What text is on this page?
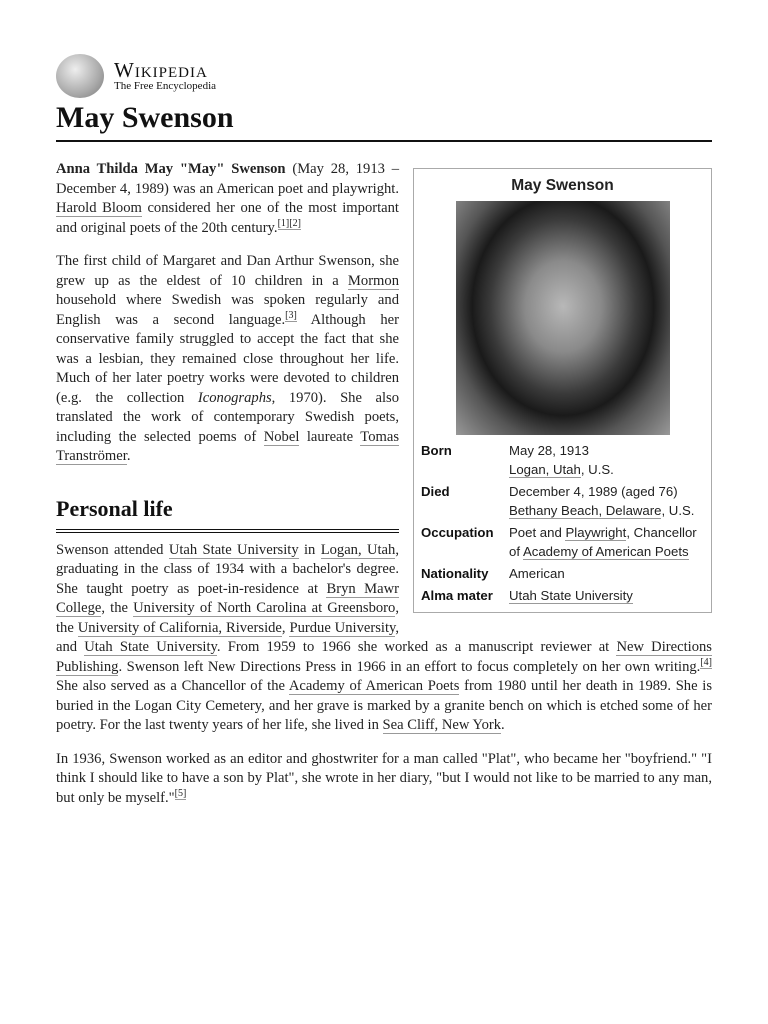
Wikipedia
The Free Encyclopedia
May Swenson
May Swenson
Born	May 28, 1913
Logan, Utah, U.S.
Died	December 4, 1989 (aged 76)
Bethany Beach, Delaware, U.S.
Occupation	Poet and Playwright, Chancellor of Academy of American Poets
Nationality	American
Alma mater	Utah State University

Anna Thilda May "May" Swenson (May 28, 1913 – December 4, 1989) was an American poet and playwright. Harold Bloom considered her one of the most important and original poets of the 20th century.[1][2]

The first child of Margaret and Dan Arthur Swenson, she grew up as the eldest of 10 children in a Mormon household where Swedish was spoken regularly and English was a second language.[3] Although her conservative family struggled to accept the fact that she was a lesbian, they remained close throughout her life. Much of her later poetry works were devoted to children (e.g. the collection Iconographs, 1970). She also translated the work of contemporary Swedish poets, including the selected poems of Nobel laureate Tomas Tranströmer.

Personal life

Swenson attended Utah State University in Logan, Utah, graduating in the class of 1934 with a bachelor's degree. She taught poetry as poet-in-residence at Bryn Mawr College, the University of North Carolina at Greensboro, the University of California, Riverside, Purdue University, and Utah State University. From 1959 to 1966 she worked as a manuscript reviewer at New Directions Publishing. Swenson left New Directions Press in 1966 in an effort to focus completely on her own writing.[4] She also served as a Chancellor of the Academy of American Poets from 1980 until her death in 1989. She is buried in the Logan City Cemetery, and her grave is marked by a granite bench on which is etched some of her poetry. For the last twenty years of her life, she lived in Sea Cliff, New York.

In 1936, Swenson worked as an editor and ghostwriter for a man called "Plat", who became her "boyfriend." "I think I should like to have a son by Plat", she wrote in her diary, "but I would not like to be married to any man, but only be myself."[5]
